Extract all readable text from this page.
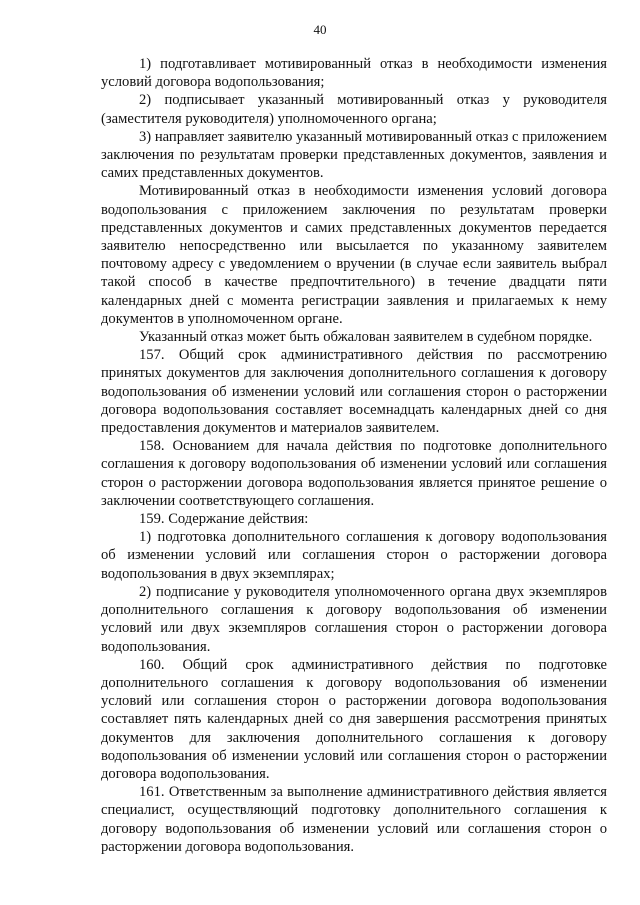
40

1) подготавливает мотивированный отказ в необходимости изменения условий договора водопользования;

2) подписывает указанный мотивированный отказ у руководителя (заместителя руководителя) уполномоченного органа;

3) направляет заявителю указанный мотивированный отказ с приложением заключения по результатам проверки представленных документов, заявления и самих представленных документов.

Мотивированный отказ в необходимости изменения условий договора водопользования с приложением заключения по результатам проверки представленных документов и самих представленных документов передается заявителю непосредственно или высылается по указанному заявителем почтовому адресу с уведомлением о вручении (в случае если заявитель выбрал такой способ в качестве предпочтительного) в течение двадцати пяти календарных дней с момента регистрации заявления и прилагаемых к нему документов в уполномоченном органе.

Указанный отказ может быть обжалован заявителем в судебном порядке.

157. Общий срок административного действия по рассмотрению принятых документов для заключения дополнительного соглашения к договору водопользования об изменении условий или соглашения сторон о расторжении договора водопользования составляет восемнадцать календарных дней со дня предоставления документов и материалов заявителем.

158. Основанием для начала действия по подготовке дополнительного соглашения к договору водопользования об изменении условий или соглашения сторон о расторжении договора водопользования является принятое решение о заключении соответствующего соглашения.

159. Содержание действия:

1) подготовка дополнительного соглашения к договору водопользования об изменении условий или соглашения сторон о расторжении договора водопользования в двух экземплярах;

2) подписание у руководителя уполномоченного органа двух экземпляров дополнительного соглашения к договору водопользования об изменении условий или двух экземпляров соглашения сторон о расторжении договора водопользования.

160. Общий срок административного действия по подготовке дополнительного соглашения к договору водопользования об изменении условий или соглашения сторон о расторжении договора водопользования составляет пять календарных дней со дня завершения рассмотрения принятых документов для заключения дополнительного соглашения к договору водопользования об изменении условий или соглашения сторон о расторжении договора водопользования.

161. Ответственным за выполнение административного действия является специалист, осуществляющий подготовку дополнительного соглашения к договору водопользования об изменении условий или соглашения сторон о расторжении договора водопользования.
